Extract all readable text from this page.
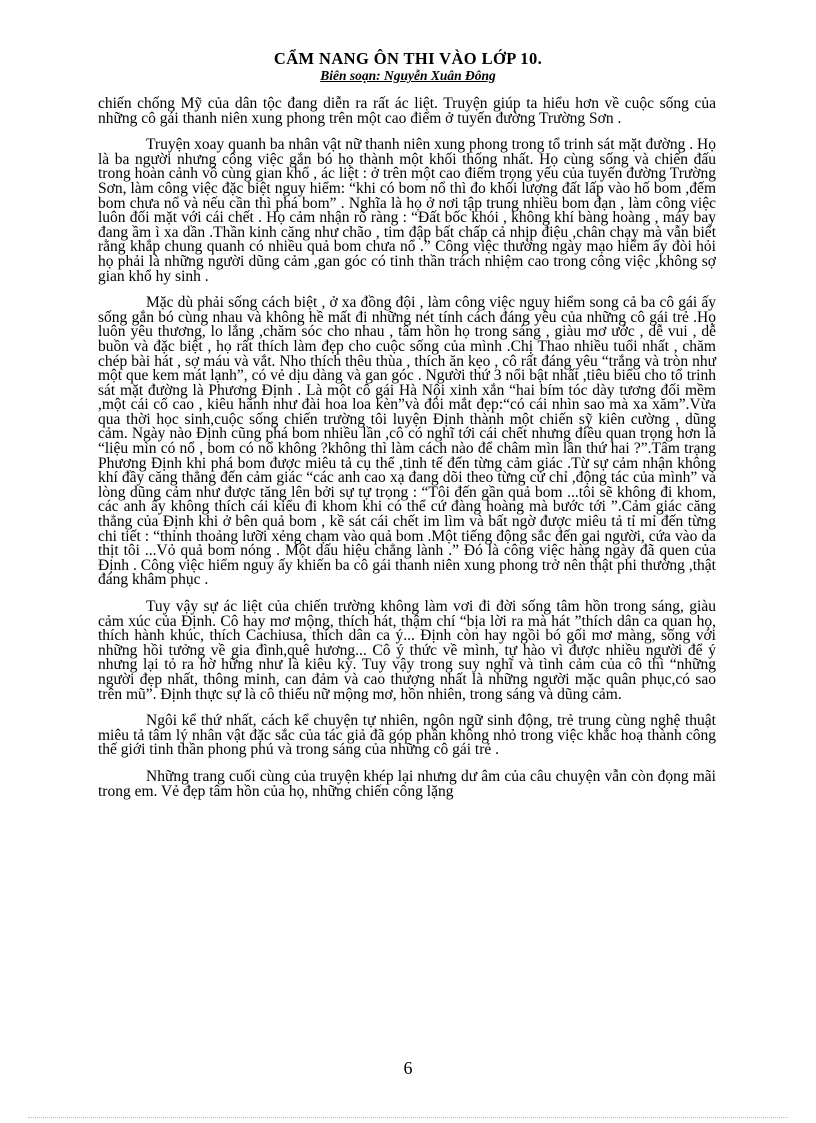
CẨM NANG ÔN THI VÀO LỚP 10.
Biên soạn: Nguyễn Xuân Đông

chiến chống Mỹ của dân tộc đang diễn ra rất ác liệt. Truyện giúp ta hiểu hơn về cuộc sống của những cô gái thanh niên xung phong trên một cao điểm ở tuyến đường Trường Sơn .

Truyện xoay quanh ba nhân vật nữ thanh niên xung phong trong tổ trinh sát mặt đường . Họ là ba người nhưng công việc gắn bó họ thành một khối thống nhất. Họ cùng sống và chiến đấu trong hoàn cảnh vô cùng gian khổ , ác liệt : ở trên một cao điểm trọng yếu của tuyến đường Trường Sơn, làm công việc đặc biệt nguy hiểm: “khi có bom nổ thì đo khối lượng đất lấp vào hố bom ,đếm bom chưa nổ và nếu cần thì phá bom” . Nghĩa là họ ở nơi tập trung nhiều bom đạn , làm công việc luôn đối mặt với cái chết . Họ cảm nhận rõ ràng : “Đất bốc khói , không khí bàng hoàng , máy bay đang ầm ì xa dần .Thần kinh căng như chão , tim đập bất chấp cả nhịp điệu ,chân chạy mà vẫn biết rằng khắp chung quanh có nhiều quả bom chưa nổ .” Công việc thường ngày mạo hiểm ấy đòi hỏi họ phải là những người dũng cảm ,gan góc có tinh thần trách nhiệm cao trong công việc ,không sợ gian khổ hy sinh .

Mặc dù phải sống cách biệt , ở xa đồng đội , làm công việc nguy hiểm song cả ba cô gái ấy sống gắn bó cùng nhau và không hề mất đi những nét tính cách đáng yêu của những cô gái trẻ .Họ luôn yêu thương, lo lắng ,chăm sóc cho nhau , tâm hồn họ trong sáng , giàu mơ ước , dễ vui , dễ buồn và đặc biệt , họ rất thích làm đẹp cho cuộc sống của mình .Chị Thao nhiều tuổi nhất , chăm chép bài hát , sợ máu và vắt. Nho thích thêu thùa , thích ăn kẹo , cô rất đáng yêu “trắng và tròn như một que kem mát lạnh”, có vẻ dịu dàng và gan góc . Người thứ 3 nổi bật nhất ,tiêu biểu cho tổ trinh sát mặt đường là Phương Định . Là một cô gái Hà Nội xinh xắn “hai bím tóc dày tương đối mềm ,một cái cổ cao , kiêu hãnh như đài hoa loa kèn”và đôi mắt đẹp:“có cái nhìn sao mà xa xăm”.Vừa qua thời học sinh,cuộc sống chiến trường tôi luyện Định thành một chiến sỹ kiên cường , dũng cảm. Ngày nào Định cũng phá bom nhiều lần ,cô có nghĩ tới cái chết nhưng điều quan trọng hơn là “liệu mìn có nổ , bom có nổ không ?không thì làm cách nào để châm mìn lần thứ hai ?”.Tâm trạng Phương Định khi phá bom được miêu tả cụ thể ,tinh tế đến từng cảm giác .Từ sự cảm nhận không khí đầy căng thẳng đến cảm giác “các anh cao xạ đang dõi theo từng cử chỉ ,động tác của mình” và lòng dũng cảm như được tăng lên bởi sự tự trọng : “Tôi đến gần quả bom ...tôi sẽ không đi khom, các anh ấy không thích cái kiểu đi khom khi có thể cứ đàng hoàng mà bước tới ”.Cảm giác căng thẳng của Định khi ở bên quả bom , kề sát cái chết im lìm và bất ngờ được miêu tả tỉ mỉ đến từng chi tiết : “thỉnh thoảng lưỡi xẻng chạm vào quả bom .Một tiếng động sắc đến gai người, cứa vào da thịt tôi ...Vỏ quả bom nóng . Một dấu hiệu chẳng lành .” Đó là công việc hàng ngày đã quen của Định . Công việc hiểm nguy ấy khiến ba cô gái thanh niên xung phong trở nên thật phi thường ,thật đáng khâm phục .

Tuy vậy sự ác liệt của chiến trường không làm vơi đi đời sống tâm hồn trong sáng, giàu cảm xúc của Định. Cô hay mơ mộng, thích hát, thậm chí “bịa lời ra mà hát ”thích dân ca quan họ, thích hành khúc, thích Cachiusa, thích dân ca ý... Định còn hay ngồi bó gối mơ màng, sống với những hồi tưởng về gia đình,quê hương... Cô ý thức về mình, tự hào vì được nhiều người để ý nhưng lại tỏ ra hờ hững như là kiêu kỳ. Tuy vậy trong suy nghĩ và tình cảm của cô thì “những người đẹp nhất, thông minh, can đảm và cao thượng nhất là những người mặc quân phục,có sao trên mũ”. Định thực sự là cô thiếu nữ mộng mơ, hồn nhiên, trong sáng và dũng cảm.

Ngôi kể thứ nhất, cách kể chuyện tự nhiên, ngôn ngữ sinh động, trẻ trung cùng nghệ thuật miêu tả tâm lý nhân vật đặc sắc của tác giả đã góp phần không nhỏ trong việc khắc hoạ thành công thế giới tinh thần phong phú và trong sáng của những cô gái trẻ .

Những trang cuối cùng của truyện khép lại nhưng dư âm của câu chuyện vẫn còn đọng mãi trong em. Vẻ đẹp tâm hồn của họ, những chiến công lặng

6
